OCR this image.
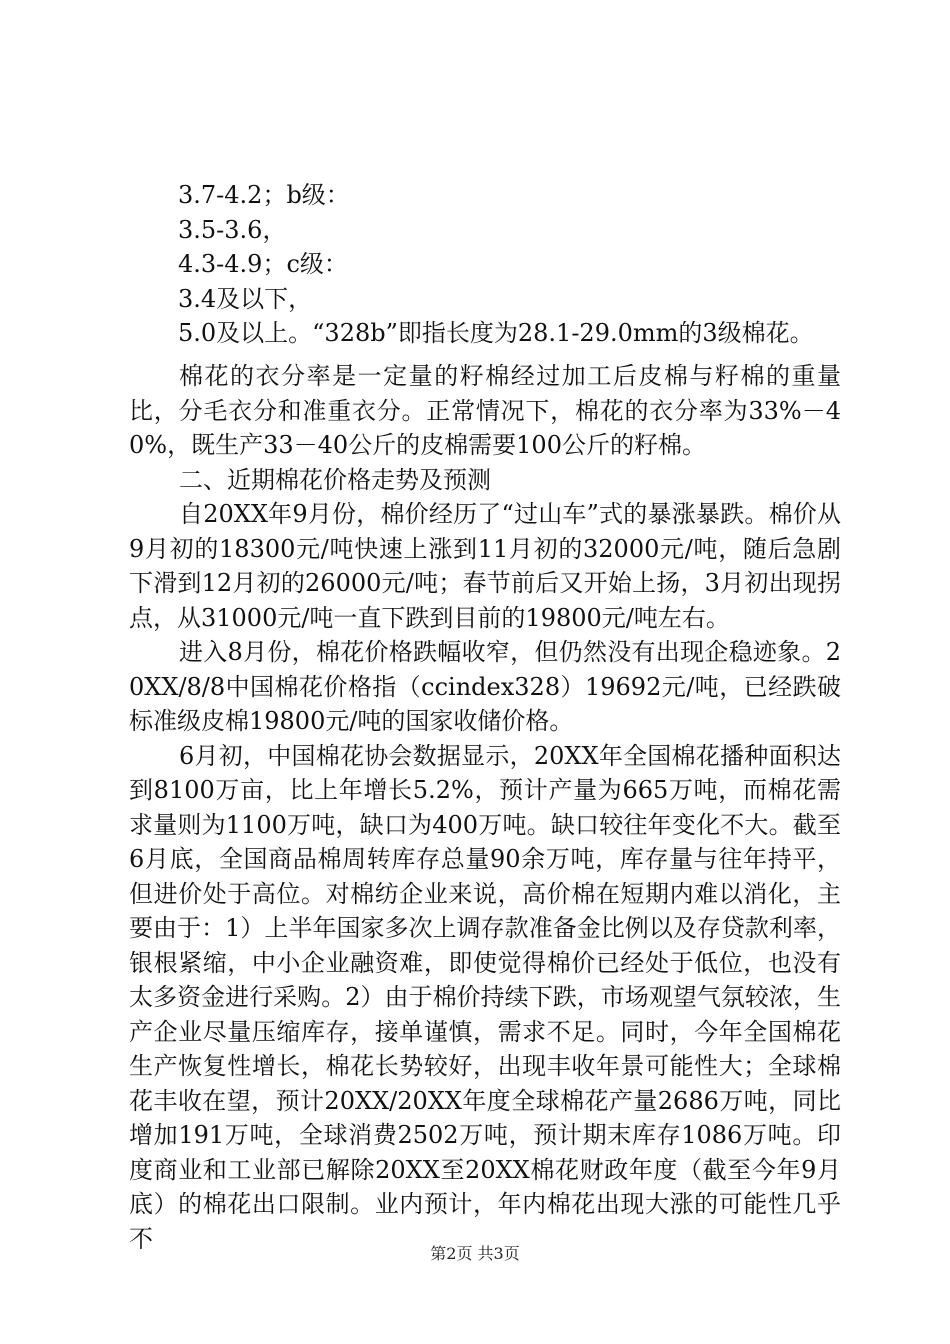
3.7-4.2；b级：

3.5-3.6，

4.3-4.9；c级：

3.4及以下，

5.0及以上。“328b”即指长度为28.1-29.0mm的3级棉花。

棉花的衣分率是一定量的籽棉经过加工后皮棉与籽棉的重量比，分毛衣分和准重衣分。正常情况下，棉花的衣分率为33%－40%，既生产33－40公斤的皮棉需要100公斤的籽棉。

二、近期棉花价格走势及预测

自20XX年9月份，棉价经历了“过山车”式的暴涨暴跌。棉价从9月初的18300元/吨快速上涨到11月初的32000元/吨，随后急剧下滑到12月初的26000元/吨；春节前后又开始上扬，3月初出现拐点，从31000元/吨一直下跌到目前的19800元/吨左右。

进入8月份，棉花价格跌幅收窄，但仍然没有出现企稳迹象。20XX/8/8中国棉花价格指（ccindex328）19692元/吨，已经跌破标准级皮棉19800元/吨的国家收储价格。

6月初，中国棉花协会数据显示，20XX年全国棉花播种面积达到8100万亩，比上年增长5.2%，预计产量为665万吨，而棉花需求量则为1100万吨，缺口为400万吨。缺口较往年变化不大。截至6月底，全国商品棉周转库存总量90余万吨，库存量与往年持平，但进价处于高位。对棉纺企业来说，高价棉在短期内难以消化，主要由于：1）上半年国家多次上调存款准备金比例以及存贷款利率，银根紧缩，中小企业融资难，即使觉得棉价已经处于低位，也没有太多资金进行采购。2）由于棉价持续下跌，市场观望气氛较浓，生产企业尽量压缩库存，接单谨慎，需求不足。同时，今年全国棉花生产恢复性增长，棉花长势较好，出现丰收年景可能性大；全球棉花丰收在望，预计20XX/20XX年度全球棉花产量2686万吨，同比增加191万吨，全球消费2502万吨，预计期末库存1086万吨。印度商业和工业部已解除20XX至20XX棉花财政年度（截至今年9月底）的棉花出口限制。业内预计，年内棉花出现大涨的可能性几乎不

第2页 共3页
